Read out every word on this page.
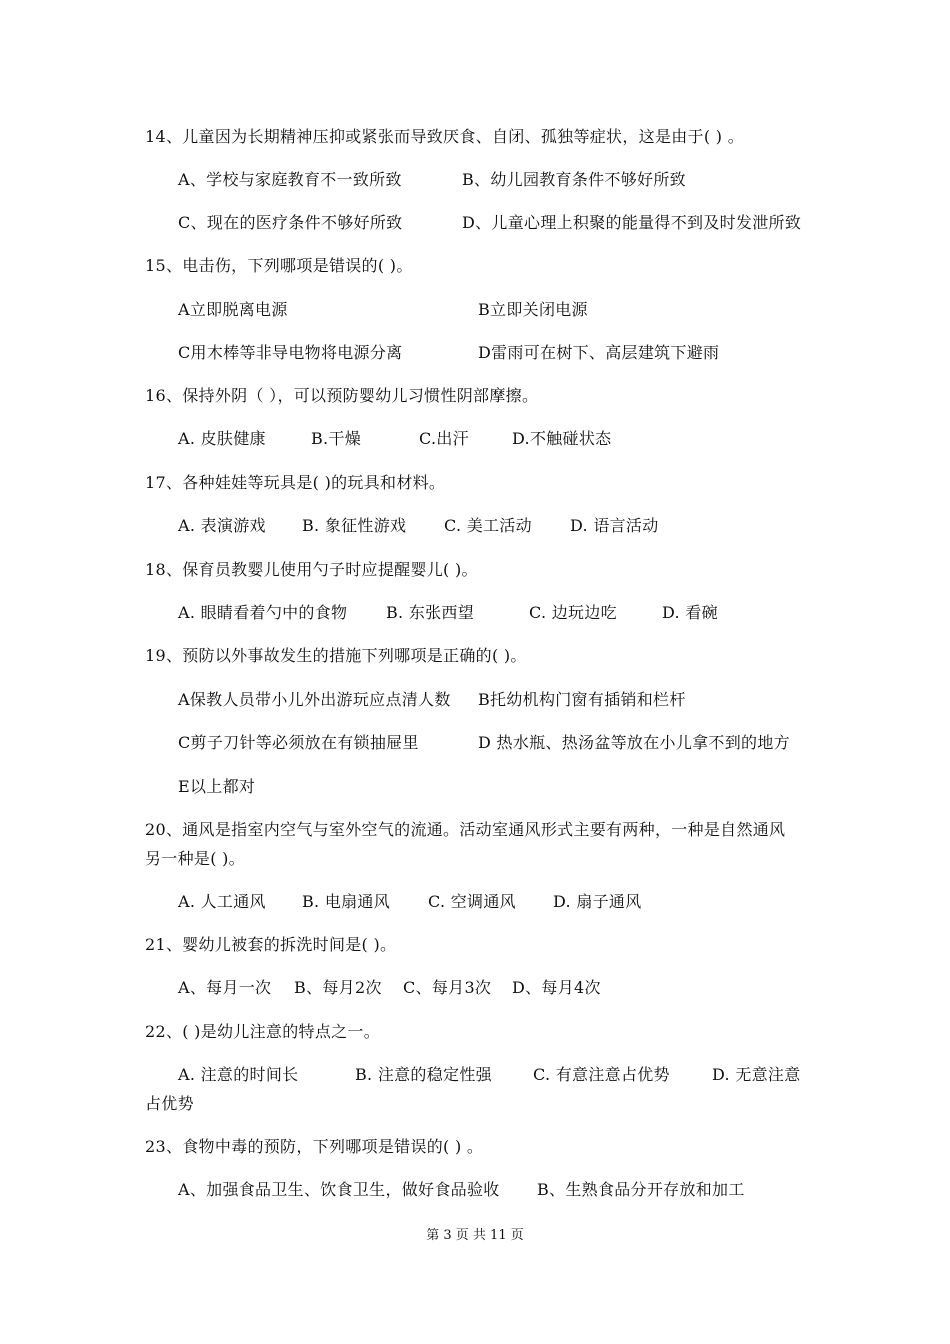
14、儿童因为长期精神压抑或紧张而导致厌食、自闭、孤独等症状，这是由于( ) 。
A、学校与家庭教育不一致所致	B、幼儿园教育条件不够好所致
C、现在的医疗条件不够好所致	D、儿童心理上积聚的能量得不到及时发泄所致
15、电击伤，下列哪项是错误的( )。
A立即脱离电源	B立即关闭电源
C用木棒等非导电物将电源分离	D雷雨可在树下、高层建筑下避雨
16、保持外阴（ ），可以预防婴幼儿习惯性阴部摩擦。
A. 皮肤健康	B.干燥	C.出汗	D.不触碰状态
17、各种娃娃等玩具是( )的玩具和材料。
A. 表演游戏 B. 象征性游戏 C. 美工活动 D. 语言活动
18、保育员教婴儿使用勺子时应提醒婴儿( )。
A. 眼睛看着勺中的食物 B. 东张西望	C. 边玩边吃	D. 看碗
19、预防以外事故发生的措施下列哪项是正确的( )。
A保教人员带小儿外出游玩应点清人数 B托幼机构门窗有插销和栏杆
C剪子刀针等必须放在有锁抽屉里	D 热水瓶、热汤盆等放在小儿拿不到的地方
E以上都对
20、通风是指室内空气与室外空气的流通。活动室通风形式主要有两种，一种是自然通风
另一种是( )。
A. 人工通风 B. 电扇通风 C. 空调通风 D. 扇子通风
21、婴幼儿被套的拆洗时间是( )。
A、每月一次 B、每月2次 C、每月3次 D、每月4次
22、( )是幼儿注意的特点之一。
A. 注意的时间长	B. 注意的稳定性强	C. 有意注意占优势	D. 无意注意
占优势
23、食物中毒的预防，下列哪项是错误的( ) 。
A、加强食品卫生、饮食卫生，做好食品验收 B、生熟食品分开存放和加工
第 3 页 共 11 页
